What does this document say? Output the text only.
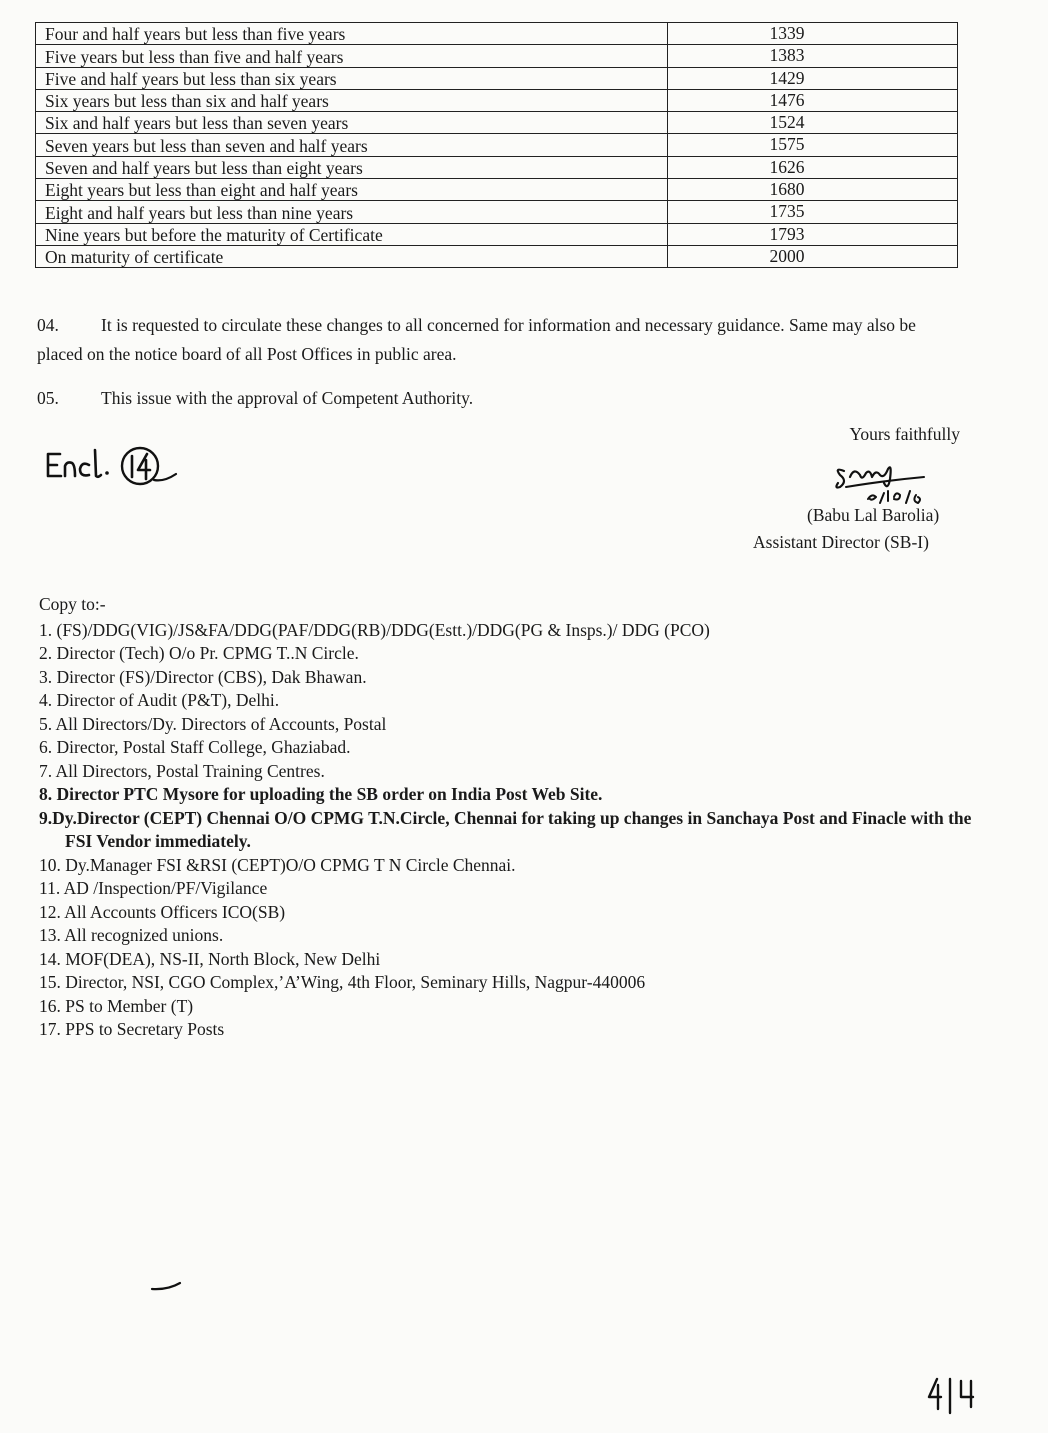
Four and half years but less than five years	1339
Five years but less than five and half years	1383
Five and half years but less than six years	1429
Six years but less than six and half years	1476
Six and half years but less than seven years	1524
Seven years but less than seven and half years	1575
Seven and half years but less than eight years	1626
Eight years but less than eight and half years	1680
Eight and half years but less than nine years	1735
Nine years but before the maturity of Certificate	1793
On maturity of certificate	2000
04. It is requested to circulate these changes to all concerned for information and necessary guidance. Same may also be placed on the notice board of all Post Offices in public area.
05. This issue with the approval of Competent Authority.
Yours faithfully
(Babu Lal Barolia)
Assistant Director (SB-I)
Copy to:-
1. (FS)/DDG(VIG)/JS&FA/DDG(PAF/DDG(RB)/DDG(Estt.)/DDG(PG & Insps.)/ DDG (PCO)
2. Director (Tech) O/o Pr. CPMG T..N Circle.
3. Director (FS)/Director (CBS), Dak Bhawan.
4. Director of Audit (P&T), Delhi.
5. All Directors/Dy. Directors of Accounts, Postal
6. Director, Postal Staff College, Ghaziabad.
7. All Directors, Postal Training Centres.
8. Director PTC Mysore for uploading the SB order on India Post Web Site.
9.Dy.Director (CEPT) Chennai O/O CPMG T.N.Circle, Chennai for taking up changes in Sanchaya Post and Finacle with the FSI Vendor immediately.
10. Dy.Manager FSI &RSI (CEPT)O/O CPMG T N Circle Chennai.
11. AD /Inspection/PF/Vigilance
12. All Accounts Officers ICO(SB)
13. All recognized unions.
14. MOF(DEA), NS-II, North Block, New Delhi
15. Director, NSI, CGO Complex,’A’Wing, 4th Floor, Seminary Hills, Nagpur-440006
16. PS to Member (T)
17. PPS to Secretary Posts
